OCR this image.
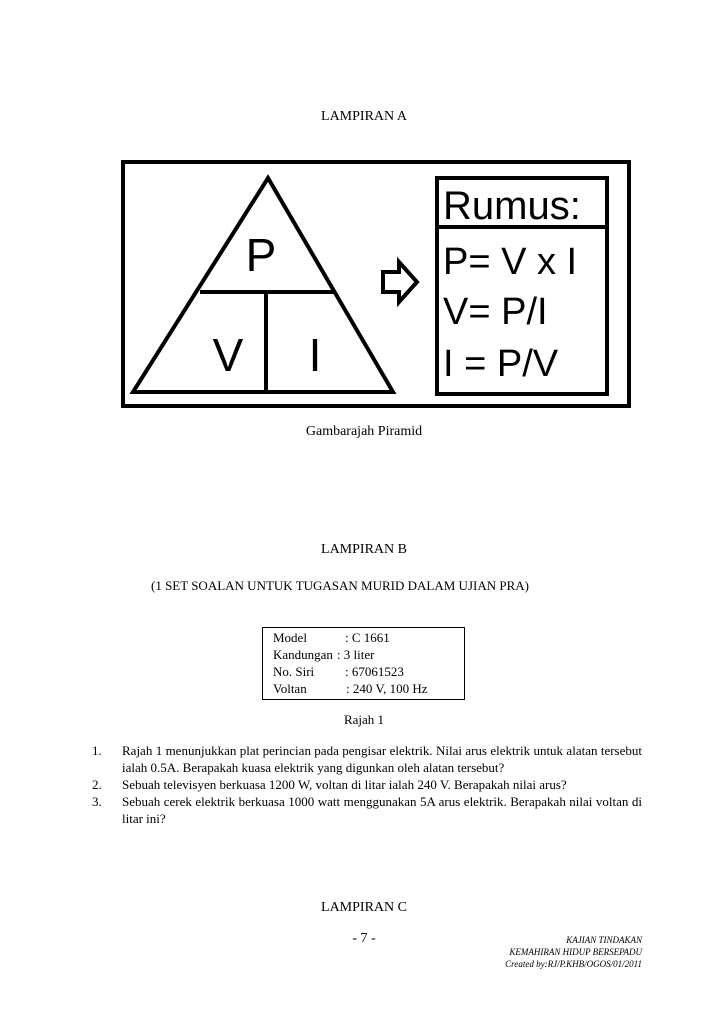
LAMPIRAN A
P
V I
Rumus:
P= V x I
V= P/I
I = P/V
Gambarajah Piramid
LAMPIRAN B
(1 SET SOALAN UNTUK TUGASAN MURID DALAM UJIAN PRA)
Model	: C 1661
Kandungan : 3 liter
No. Siri	: 67061523
Voltan	: 240 V, 100 Hz
Rajah 1
1. Rajah 1 menunjukkan plat perincian pada pengisar elektrik. Nilai arus elektrik untuk alatan tersebut ialah 0.5A. Berapakah kuasa elektrik yang digunkan oleh alatan tersebut?
2. Sebuah televisyen berkuasa 1200 W, voltan di litar ialah 240 V. Berapakah nilai arus?
3. Sebuah cerek elektrik berkuasa 1000 watt menggunakan 5A arus elektrik. Berapakah nilai voltan di litar ini?
LAMPIRAN C
- 7 -	KAJIAN TINDAKAN
KEMAHIRAN HIDUP BERSEPADU
Created by:RJ/P.KHB/OGOS/01/2011
